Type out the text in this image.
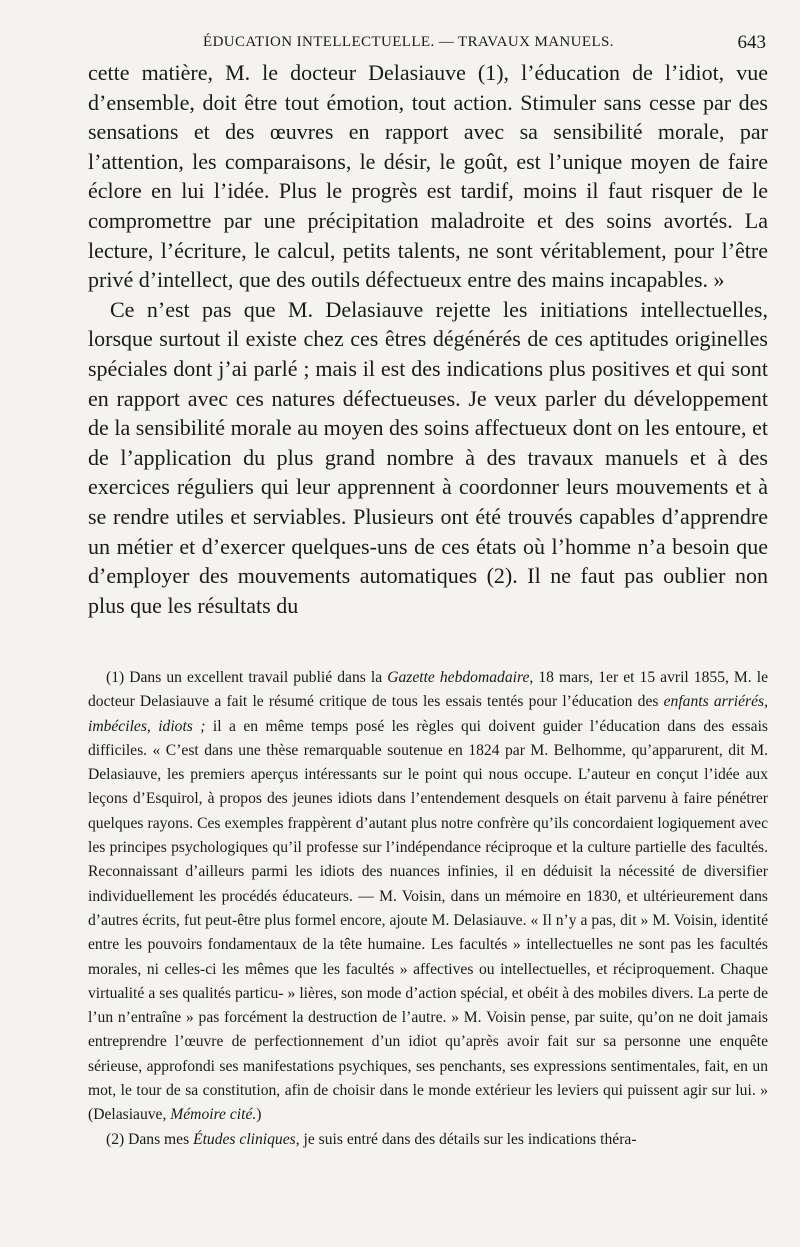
ÉDUCATION INTELLECTUELLE. — TRAVAUX MANUELS.	643

cette matière, M. le docteur Delasiauve (1), l’éducation de l’idiot, vue d’ensemble, doit être tout émotion, tout action. Stimuler sans cesse par des sensations et des œuvres en rapport avec sa sensibilité morale, par l’attention, les comparaisons, le désir, le goût, est l’unique moyen de faire éclore en lui l’idée. Plus le progrès est tardif, moins il faut risquer de le compromettre par une précipitation maladroite et des soins avortés. La lecture, l’écriture, le calcul, petits talents, ne sont véritablement, pour l’être privé d’intellect, que des outils défectueux entre des mains incapables. »

Ce n’est pas que M. Delasiauve rejette les initiations intellectuelles, lorsque surtout il existe chez ces êtres dégénérés de ces aptitudes originelles spéciales dont j’ai parlé ; mais il est des indications plus positives et qui sont en rapport avec ces natures défectueuses. Je veux parler du développement de la sensibilité morale au moyen des soins affectueux dont on les entoure, et de l’application du plus grand nombre à des travaux manuels et à des exercices réguliers qui leur apprennent à coordonner leurs mouvements et à se rendre utiles et serviables. Plusieurs ont été trouvés capables d’apprendre un métier et d’exercer quelques-uns de ces états où l’homme n’a besoin que d’employer des mouvements automatiques (2). Il ne faut pas oublier non plus que les résultats du

(1) Dans un excellent travail publié dans la Gazette hebdomadaire, 18 mars, 1er et 15 avril 1855, M. le docteur Delasiauve a fait le résumé critique de tous les essais tentés pour l’éducation des enfants arriérés, imbéciles, idiots ; il a en même temps posé les règles qui doivent guider l’éducation dans des essais difficiles. « C’est dans une thèse remarquable soutenue en 1824 par M. Belhomme, qu’apparurent, dit M. Delasiauve, les premiers aperçus intéressants sur le point qui nous occupe. L’auteur en conçut l’idée aux leçons d’Esquirol, à propos des jeunes idiots dans l’entendement desquels on était parvenu à faire pénétrer quelques rayons. Ces exemples frappèrent d’autant plus notre confrère qu’ils concordaient logiquement avec les principes psychologiques qu’il professe sur l’indépendance réciproque et la culture partielle des facultés. Reconnaissant d’ailleurs parmi les idiots des nuances infinies, il en déduisit la nécessité de diversifier individuellement les procédés éducateurs. — M. Voisin, dans un mémoire en 1830, et ultérieurement dans d’autres écrits, fut peut-être plus formel encore, ajoute M. Delasiauve. « Il n’y a pas, dit » M. Voisin, identité entre les pouvoirs fondamentaux de la tête humaine. Les facultés » intellectuelles ne sont pas les facultés morales, ni celles-ci les mêmes que les facultés » affectives ou intellectuelles, et réciproquement. Chaque virtualité a ses qualités particu- » lières, son mode d’action spécial, et obéit à des mobiles divers. La perte de l’un n’entraîne » pas forcément la destruction de l’autre. » M. Voisin pense, par suite, qu’on ne doit jamais entreprendre l’œuvre de perfectionnement d’un idiot qu’après avoir fait sur sa personne une enquête sérieuse, approfondi ses manifestations psychiques, ses penchants, ses expressions sentimentales, fait, en un mot, le tour de sa constitution, afin de choisir dans le monde extérieur les leviers qui puissent agir sur lui. » (Delasiauve, Mémoire cité.)

(2) Dans mes Études cliniques, je suis entré dans des détails sur les indications théra-
